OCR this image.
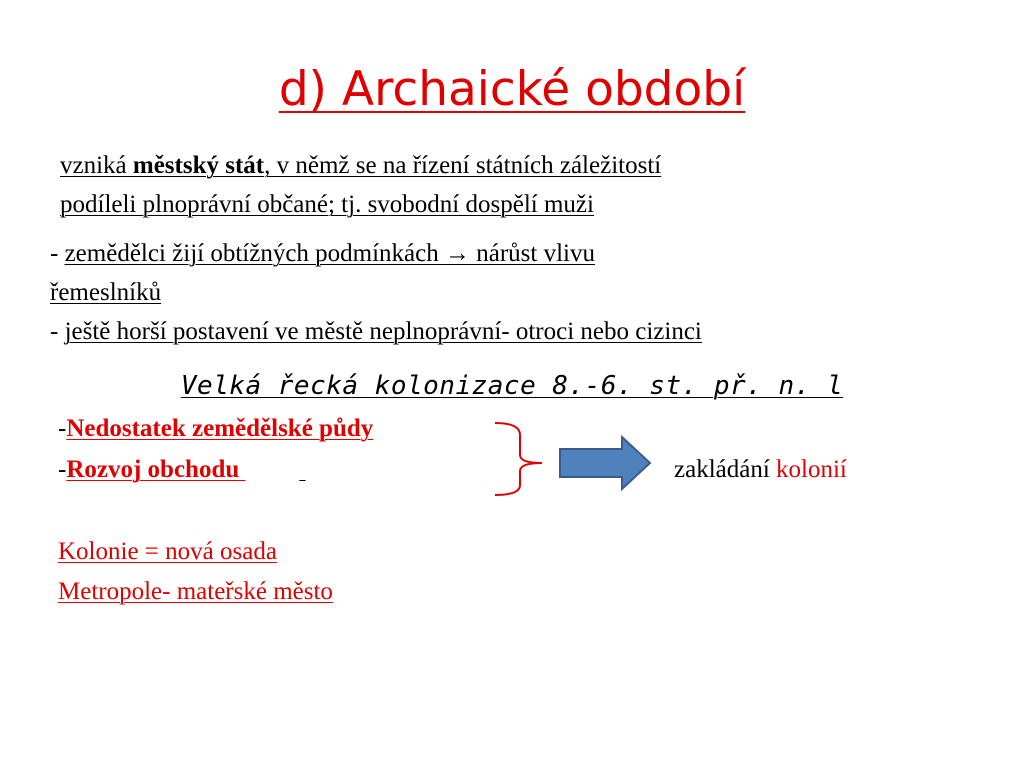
d) Archaické období
vzniká městský stát, v němž se na řízení státních záležitostí
podíleli plnoprávní občané; tj. svobodní dospělí muži
- zemědělci žijí obtížných podmínkách → nárůst vlivu
řemeslníků
- ještě horší postavení ve městě neplnoprávní- otroci nebo cizinci
Velká řecká kolonizace 8.-6. st. př. n. l
-Nedostatek zemědělské půdy
-Rozvoj obchodu	zakládání kolonií
Kolonie = nová osada
Metropole- mateřské město
